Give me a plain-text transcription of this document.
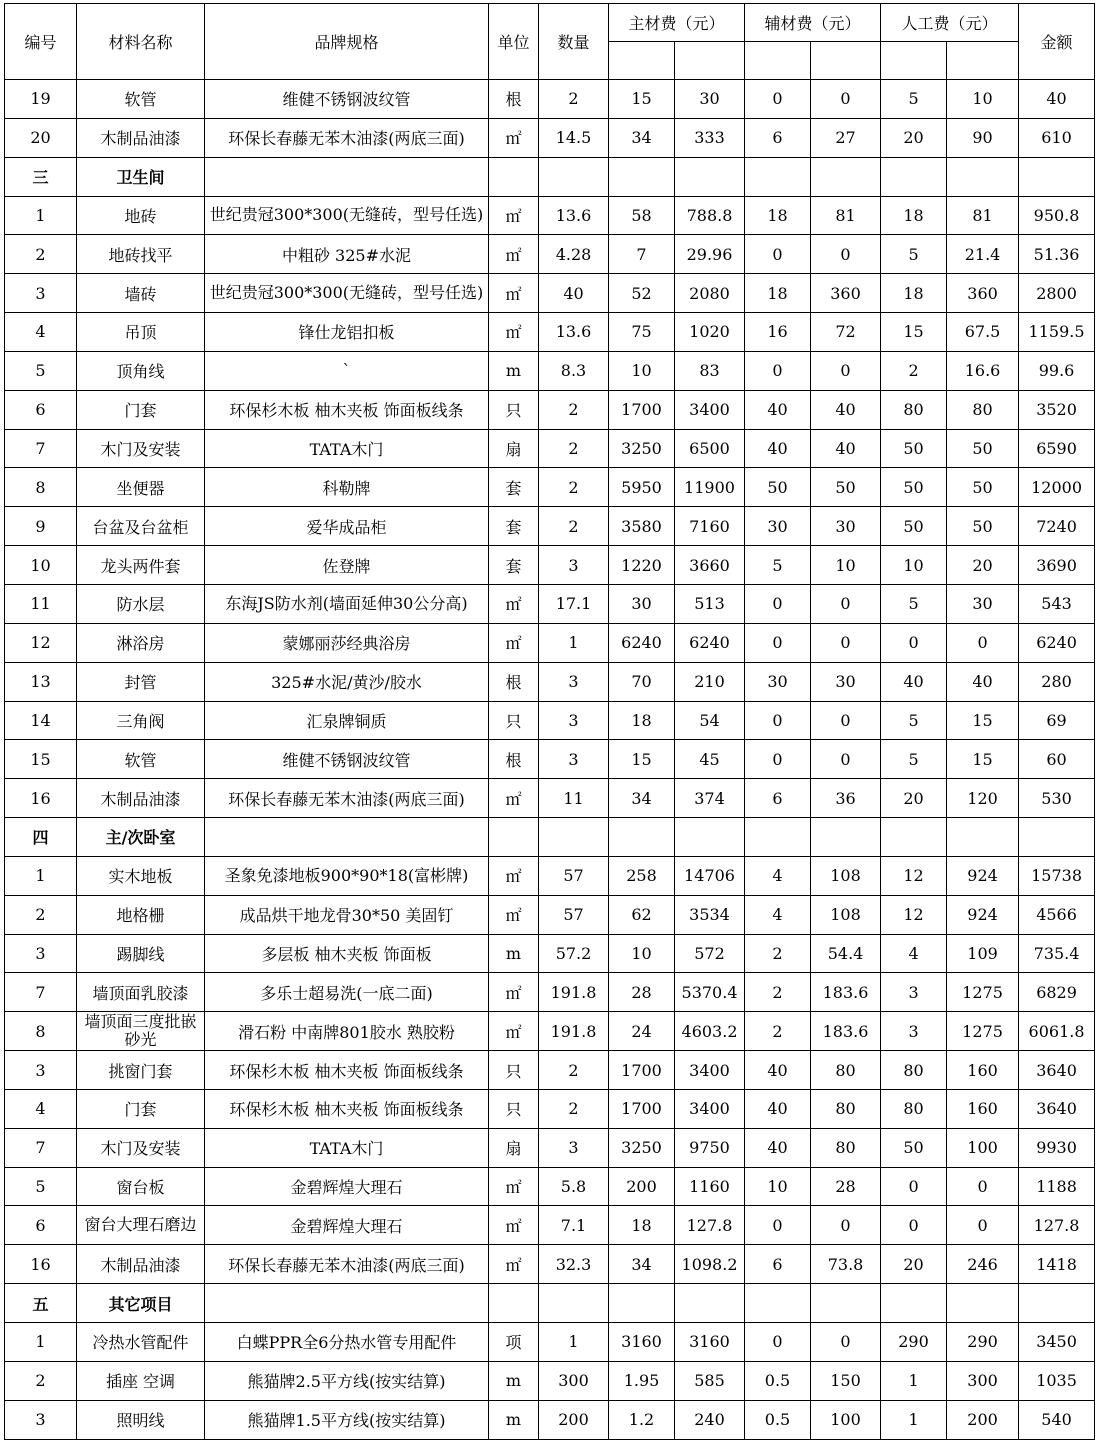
编号	材料名称	品牌规格	单位	数量	主材费（元）		辅材费（元）		人工费（元）		金额

19	软管	维健不锈钢波纹管	根	2	15	30	0	0	5	10	40
20	木制品油漆	环保长春藤无苯木油漆(两底三面)	㎡	14.5	34	333	6	27	20	90	610
三	卫生间										
1	地砖	世纪贵冠300*300(无缝砖，型号任选)	㎡	13.6	58	788.8	18	81	18	81	950.8
2	地砖找平	中粗砂 325#水泥	㎡	4.28	7	29.96	0	0	5	21.4	51.36
3	墙砖	世纪贵冠300*300(无缝砖，型号任选)	㎡	40	52	2080	18	360	18	360	2800
4	吊顶	锋仕龙铝扣板	㎡	13.6	75	1020	16	72	15	67.5	1159.5
5	顶角线	`	m	8.3	10	83	0	0	2	16.6	99.6
6	门套	环保杉木板 柚木夹板 饰面板线条	只	2	1700	3400	40	40	80	80	3520
7	木门及安装	TATA木门	扇	2	3250	6500	40	40	50	50	6590
8	坐便器	科勒牌	套	2	5950	11900	50	50	50	50	12000
9	台盆及台盆柜	爱华成品柜	套	2	3580	7160	30	30	50	50	7240
10	龙头两件套	佐登牌	套	3	1220	3660	5	10	10	20	3690
11	防水层	东海JS防水剂(墙面延伸30公分高)	㎡	17.1	30	513	0	0	5	30	543
12	淋浴房	蒙娜丽莎经典浴房	㎡	1	6240	6240	0	0	0	0	6240
13	封管	325#水泥/黄沙/胶水	根	3	70	210	30	30	40	40	280
14	三角阀	汇泉牌铜质	只	3	18	54	0	0	5	15	69
15	软管	维健不锈钢波纹管	根	3	15	45	0	0	5	15	60
16	木制品油漆	环保长春藤无苯木油漆(两底三面)	㎡	11	34	374	6	36	20	120	530
四	主/次卧室										
1	实木地板	圣象免漆地板900*90*18(富彬牌)	㎡	57	258	14706	4	108	12	924	15738
2	地格栅	成品烘干地龙骨30*50 美固钉	㎡	57	62	3534	4	108	12	924	4566
3	踢脚线	多层板 柚木夹板 饰面板	m	57.2	10	572	2	54.4	4	109	735.4
7	墙顶面乳胶漆	多乐士超易洗(一底二面)	㎡	191.8	28	5370.4	2	183.6	3	1275	6829
8	墙顶面三度批嵌 砂光	滑石粉 中南牌801胶水 熟胶粉	㎡	191.8	24	4603.2	2	183.6	3	1275	6061.8
3	挑窗门套	环保杉木板 柚木夹板 饰面板线条	只	2	1700	3400	40	80	80	160	3640
4	门套	环保杉木板 柚木夹板 饰面板线条	只	2	1700	3400	40	80	80	160	3640
7	木门及安装	TATA木门	扇	3	3250	9750	40	80	50	100	9930
5	窗台板	金碧辉煌大理石	㎡	5.8	200	1160	10	28	0	0	1188
6	窗台大理石磨边	金碧辉煌大理石	㎡	7.1	18	127.8	0	0	0	0	127.8
16	木制品油漆	环保长春藤无苯木油漆(两底三面)	㎡	32.3	34	1098.2	6	73.8	20	246	1418
五	其它项目										
1	冷热水管配件	白蝶PPR全6分热水管专用配件	项	1	3160	3160	0	0	290	290	3450
2	插座 空调	熊猫牌2.5平方线(按实结算)	m	300	1.95	585	0.5	150	1	300	1035
3	照明线	熊猫牌1.5平方线(按实结算)	m	200	1.2	240	0.5	100	1	200	540
